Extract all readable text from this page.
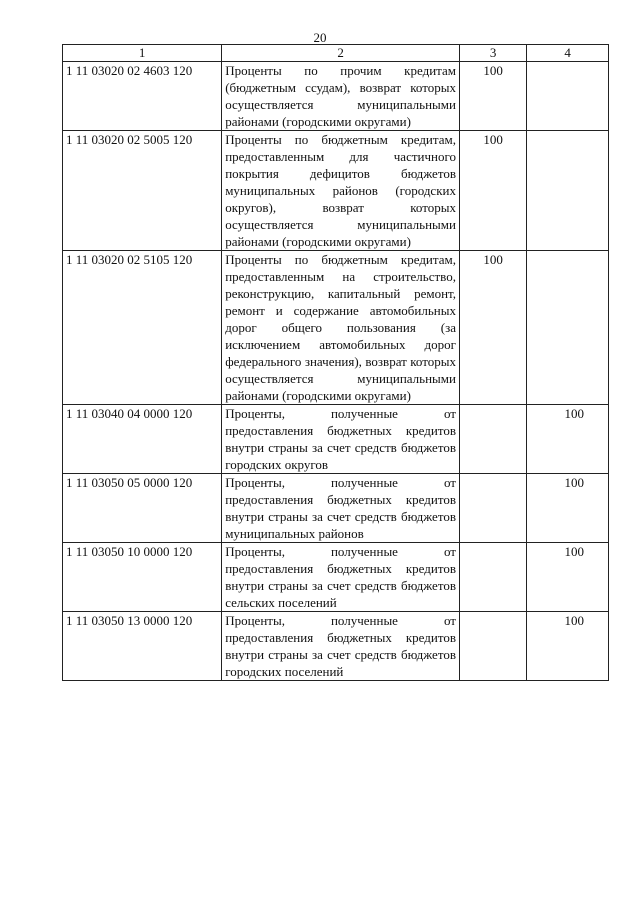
20
1	2	3	4
1 11 03020 02 4603 120	Проценты по прочим кредитам (бюджетным ссудам), возврат которых осуществляется муниципальными районами (городскими округами)	100	
1 11 03020 02 5005 120	Проценты по бюджетным кредитам, предоставленным для частичного покрытия дефицитов бюджетов муниципальных районов (городских округов), возврат которых осуществляется муниципальными районами (городскими округами)	100	
1 11 03020 02 5105 120	Проценты по бюджетным кредитам, предоставленным на строительство, реконструкцию, капитальный ремонт, ремонт и содержание автомобильных дорог общего пользования (за исключением автомобильных дорог федерального значения), возврат которых осуществляется муниципальными районами (городскими округами)	100	
1 11 03040 04 0000 120	Проценты, полученные от предоставления бюджетных кредитов внутри страны за счет средств бюджетов городских округов		100
1 11 03050 05 0000 120	Проценты, полученные от предоставления бюджетных кредитов внутри страны за счет средств бюджетов муниципальных районов		100
1 11 03050 10 0000 120	Проценты, полученные от предоставления бюджетных кредитов внутри страны за счет средств бюджетов сельских поселений		100
1 11 03050 13 0000 120	Проценты, полученные от предоставления бюджетных кредитов внутри страны за счет средств бюджетов городских поселений		100
